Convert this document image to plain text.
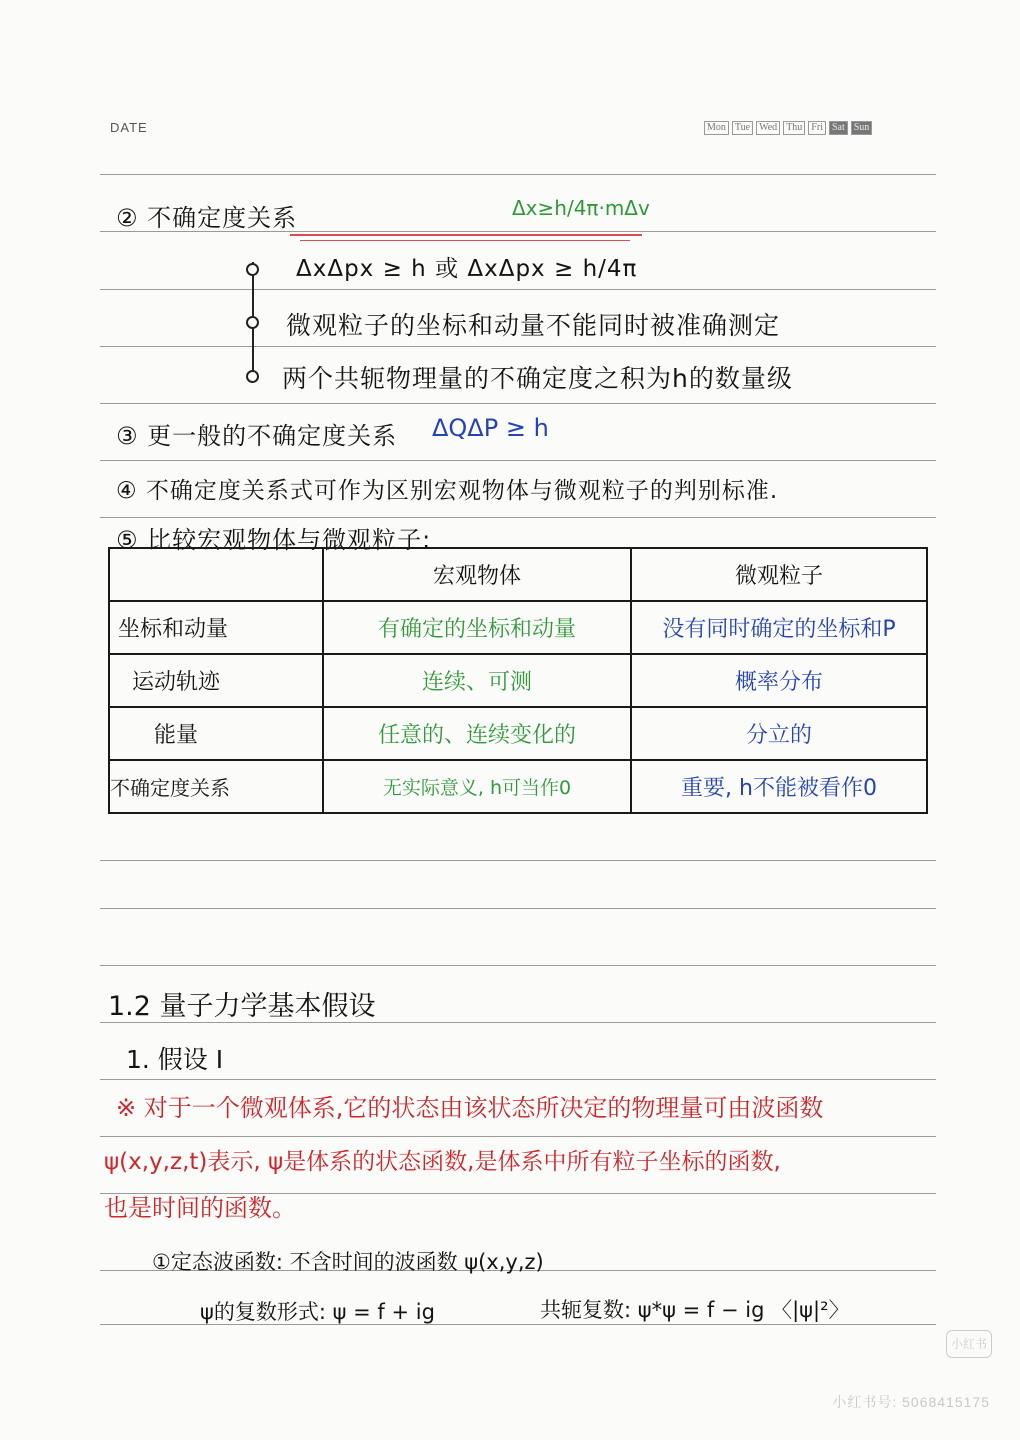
DATE	Mon Tue Wed Thu Fri Sat Sun
② 不确定度关系	Δx≥h/4π·mΔv
ΔxΔpx ≥ h 或 ΔxΔpx ≥ h/4π
微观粒子的坐标和动量不能同时被准确测定
两个共轭物理量的不确定度之积为h的数量级
③ 更一般的不确定度关系 ΔQΔP ≥ h
④ 不确定度关系式可作为区别宏观物体与微观粒子的判别标准.
⑤ 比较宏观物体与微观粒子:
	宏观物体	微观粒子
坐标和动量	有确定的坐标和动量	没有同时确定的坐标和P
运动轨迹	连续、可测	概率分布
能量	任意的、连续变化的	分立的
不确定度关系	无实际意义, h可当作0	重要, h不能被看作0
1.2 量子力学基本假设
1. 假设 I
※ 对于一个微观体系,它的状态由该状态所决定的物理量可由波函数
ψ(x,y,z,t)表示, ψ是体系的状态函数,是体系中所有粒子坐标的函数,
也是时间的函数。
①定态波函数: 不含时间的波函数 ψ(x,y,z)
ψ的复数形式: ψ = f + ig	共轭复数: ψ*ψ = f − ig 〈|ψ|²〉
小红书
小红书号: 5068415175
